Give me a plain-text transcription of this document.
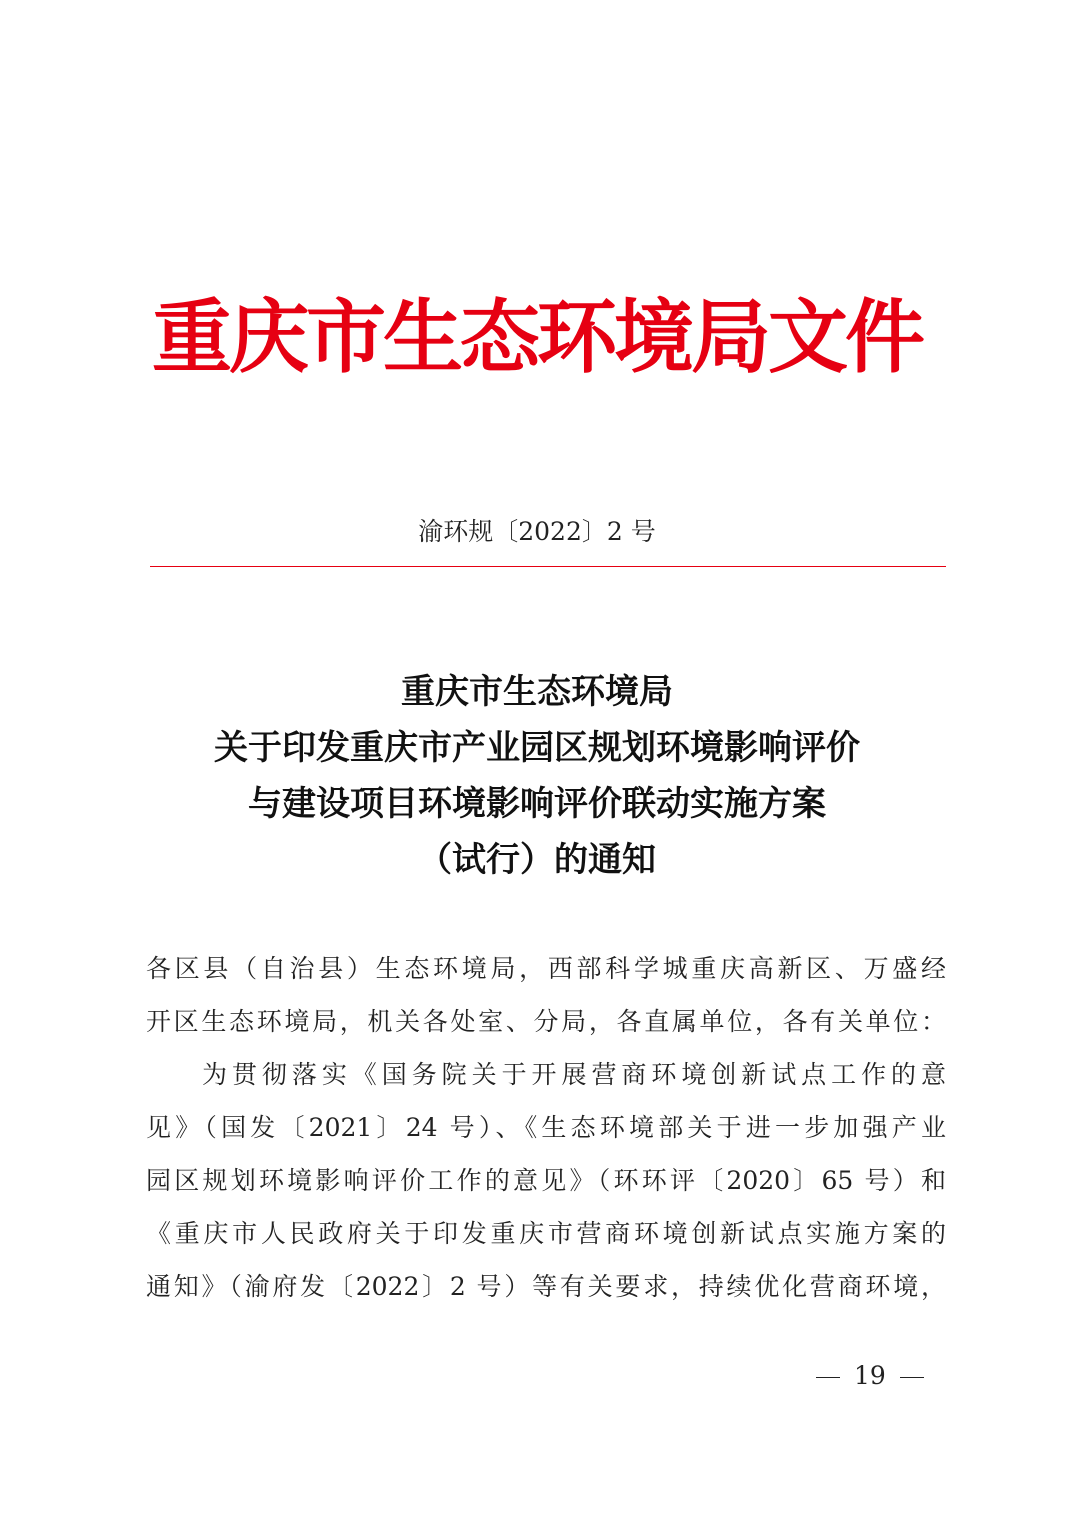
重庆市生态环境局文件
渝环规〔2022〕2 号
重庆市生态环境局
关于印发重庆市产业园区规划环境影响评价
与建设项目环境影响评价联动实施方案
（试行）的通知
各区县（自治县）生态环境局，西部科学城重庆高新区、万盛经
开区生态环境局，机关各处室、分局，各直属单位，各有关单位：
为贯彻落实《国务院关于开展营商环境创新试点工作的意
见》（国发〔2021〕24 号）、《生态环境部关于进一步加强产业
园区规划环境影响评价工作的意见》（环环评〔2020〕65 号）和
《重庆市人民政府关于印发重庆市营商环境创新试点实施方案的
通知》（渝府发〔2022〕2 号）等有关要求，持续优化营商环境，
19
